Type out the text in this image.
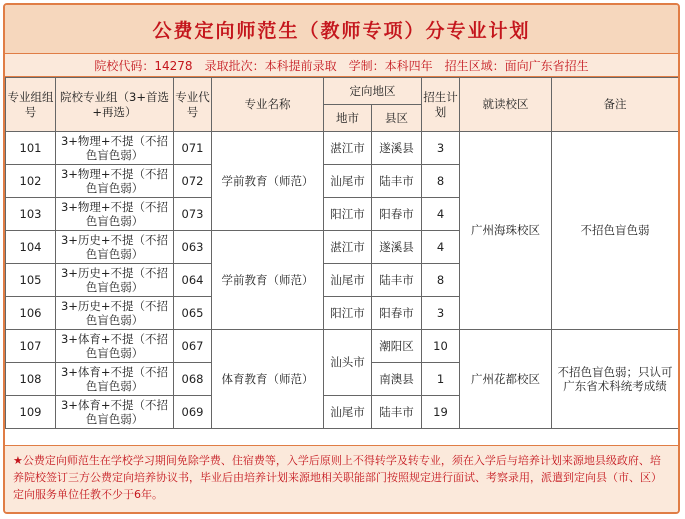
公费定向师范生（教师专项）分专业计划
院校代码：14278 录取批次：本科提前录取 学制：本科四年 招生区域：面向广东省招生
专业组组号	院校专业组（3+首选+再选）	专业代号	专业名称	定向地区		招生计划	就读校区	备注
				地市	县区			
101	3+物理+不提（不招色盲色弱）	071	学前教育（师范）	湛江市	遂溪县	3	广州海珠校区	不招色盲色弱
102	3+物理+不提（不招色盲色弱）	072		汕尾市	陆丰市	8		
103	3+物理+不提（不招色盲色弱）	073		阳江市	阳春市	4		
104	3+历史+不提（不招色盲色弱）	063	学前教育（师范）	湛江市	遂溪县	4		
105	3+历史+不提（不招色盲色弱）	064		汕尾市	陆丰市	8		
106	3+历史+不提（不招色盲色弱）	065		阳江市	阳春市	3		
107	3+体育+不提（不招色盲色弱）	067	体育教育（师范）	汕头市	潮阳区	10	广州花都校区	不招色盲色弱；只认可广东省术科统考成绩
108	3+体育+不提（不招色盲色弱）	068			南澳县	1		
109	3+体育+不提（不招色盲色弱）	069		汕尾市	陆丰市	19		
★公费定向师范生在学校学习期间免除学费、住宿费等，入学后原则上不得转学及转专业，须在入学后与培养计划来源地县级政府、培养院校签订三方公费定向培养协议书，毕业后由培养计划来源地相关职能部门按照规定进行面试、考察录用，派遣到定向县（市、区）定向服务单位任教不少于6年。
